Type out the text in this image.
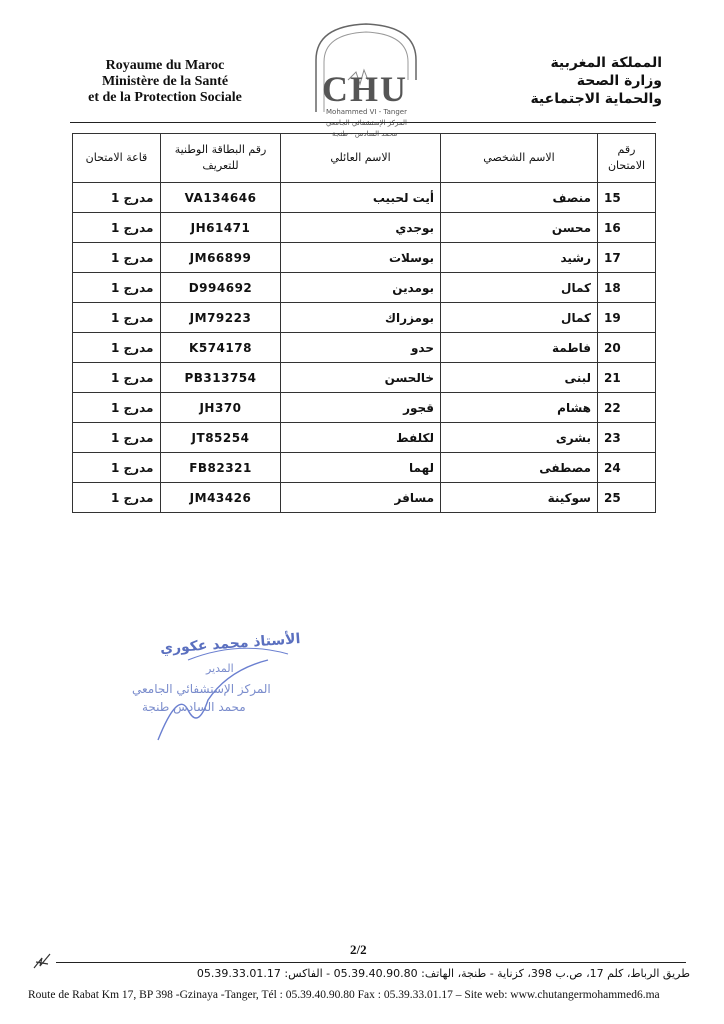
Royaume du Maroc
Ministère de la Santé
et de la Protection Sociale	CHU
Mohammed VI - Tanger
المركز الإستشفائي الجامعي
محمد السادس - طنجة
المملكة المغربية
وزارة الصحة
والحماية الاجتماعية
رقم الامتحان	الاسم الشخصي	الاسم العائلي	رقم البطاقة الوطنية للتعريف	قاعة الامتحان
15	منصف	أيت لحبيب	VA134646	مدرج 1

16	محسن	بوجدي	JH61471	مدرج 1

17	رشيد	بوسلات	JM66899	مدرج 1

18	كمال	بومدين	D994692	مدرج 1

19	كمال	بومزراك	JM79223	مدرج 1

20	فاطمة	حدو	K574178	مدرج 1

21	لبنى	خالحسن	PB313754	مدرج 1

22	هشام	قجور	JH370	مدرج 1

23	بشرى	لكلفط	JT85254	مدرج 1

24	مصطفى	لهما	FB82321	مدرج 1

25	سوكينة	مسافر	JM43426	مدرج 1
الأستاذ محمد عكوري
المدير
المركز الإستشفائي الجامعي
محمد السادس طنجة
2/2
طريق الرباط، كلم 17، ص.ب 398، كزناية - طنجة، الهاتف: 05.39.40.90.80 - الفاكس: 05.39.33.01.17
Route de Rabat Km 17, BP 398 -Gzinaya -Tanger, Tél : 05.39.40.90.80 Fax : 05.39.33.01.17 – Site web: www.chutangermohammed6.ma
